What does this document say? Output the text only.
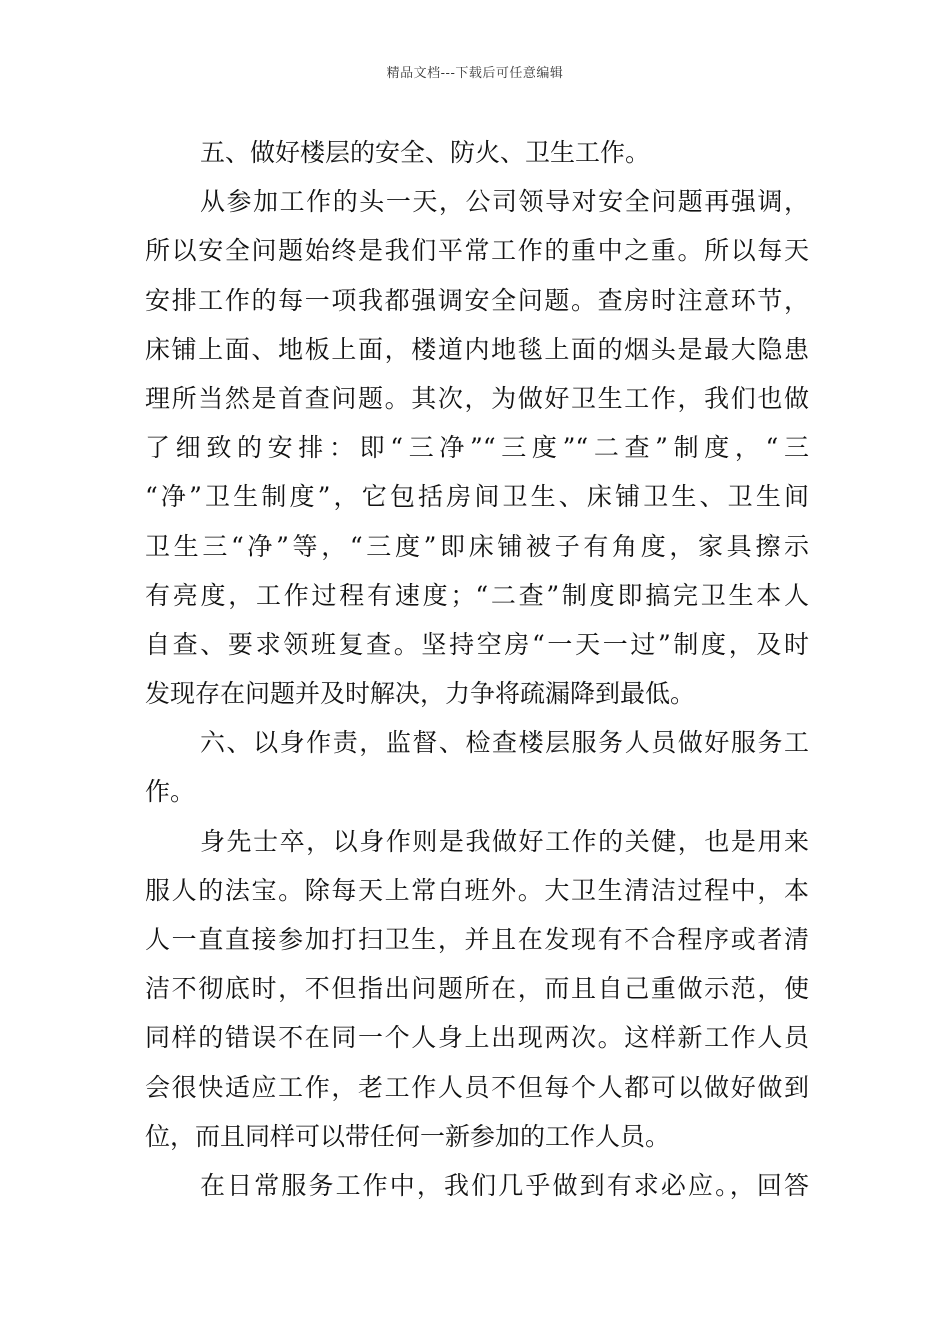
精品文档---下载后可任意编辑
五、做好楼层的安全、防火、卫生工作。
从参加工作的头一天，公司领导对安全问题再强调，
所以安全问题始终是我们平常工作的重中之重。所以每天
安排工作的每一项我都强调安全问题。查房时注意环节，
床铺上面、地板上面，楼道内地毯上面的烟头是最大隐患
理所当然是首查问题。其次，为做好卫生工作，我们也做
了细致的安排：即“三净”“三度”“二查”制度，“三
“净”卫生制度”，它包括房间卫生、床铺卫生、卫生间
卫生三“净”等，“三度”即床铺被子有角度，家具擦示
有亮度，工作过程有速度；“二查”制度即搞完卫生本人
自查、要求领班复查。坚持空房“一天一过”制度，及时
发现存在问题并及时解决，力争将疏漏降到最低。
六、以身作责，监督、检查楼层服务人员做好服务工
作。
身先士卒，以身作则是我做好工作的关健，也是用来
服人的法宝。除每天上常白班外。大卫生清洁过程中，本
人一直直接参加打扫卫生，并且在发现有不合程序或者清
洁不彻底时，不但指出问题所在，而且自己重做示范，使
同样的错误不在同一个人身上出现两次。这样新工作人员
会很快适应工作，老工作人员不但每个人都可以做好做到
位，而且同样可以带任何一新参加的工作人员。
在日常服务工作中，我们几乎做到有求必应。，回答
